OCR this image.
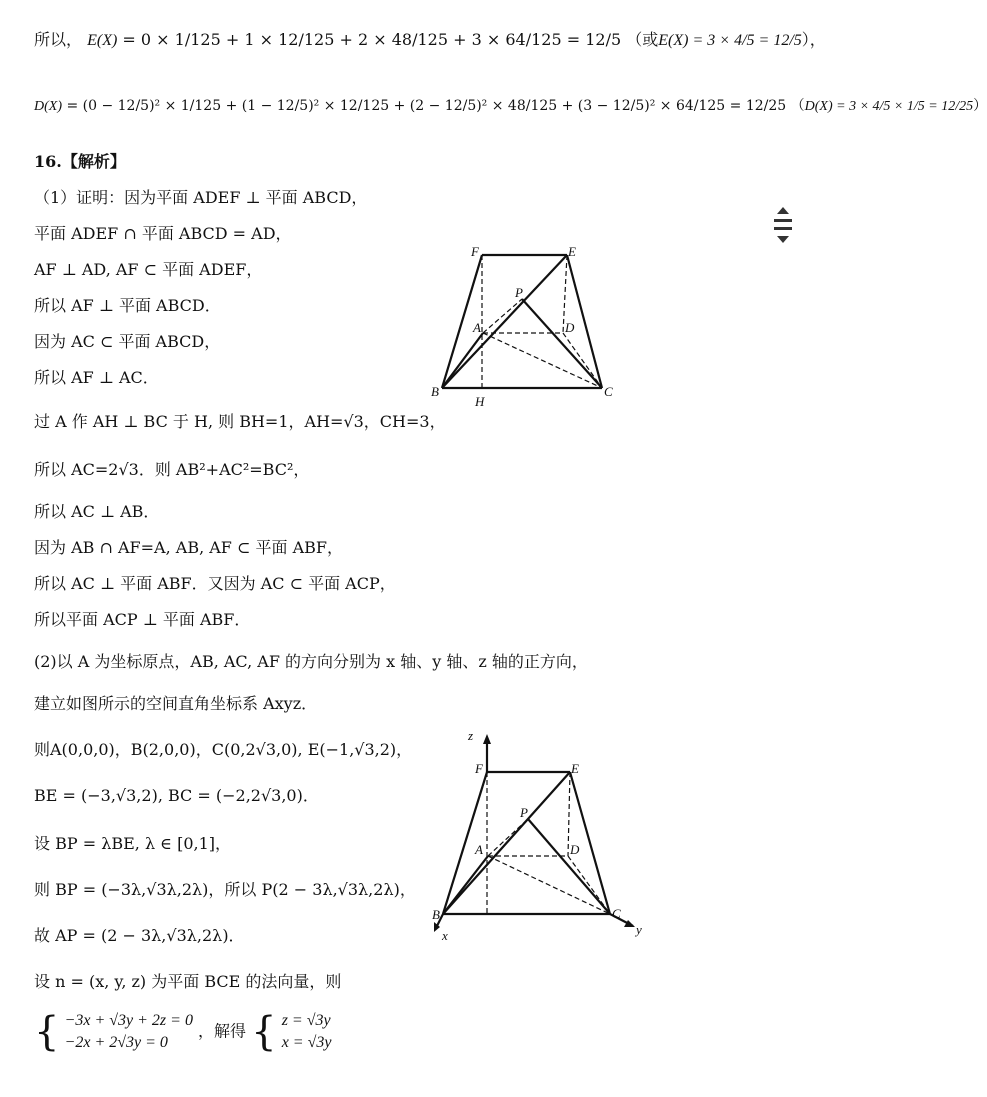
所以， E(X) = 0 × 1/125 + 1 × 12/125 + 2 × 48/125 + 3 × 64/125 = 12/5 （或E(X) = 3 × 4/5 = 12/5），
D(X) = (0 − 12/5)² × 1/125 + (1 − 12/5)² × 12/125 + (2 − 12/5)² × 48/125 + (3 − 12/5)² × 64/125 = 12/25 （D(X) = 3 × 4/5 × 1/5 = 12/25）
16.【解析】
（1）证明：因为平面 ADEF ⊥ 平面 ABCD，
平面 ADEF ∩ 平面 ABCD = AD，
AF ⊥ AD, AF ⊂ 平面 ADEF，
所以 AF ⊥ 平面 ABCD．
因为 AC ⊂ 平面 ABCD，
所以 AF ⊥ AC．
过 A 作 AH ⊥ BC 于 H, 则 BH=1，AH=√3，CH=3，
所以 AC=2√3．则 AB²+AC²=BC²，
所以 AC ⊥ AB．
因为 AB ∩ AF=A, AB, AF ⊂ 平面 ABF，
所以 AC ⊥ 平面 ABF．又因为 AC ⊂ 平面 ACP，
所以平面 ACP ⊥ 平面 ABF．
(2)以 A 为坐标原点，AB, AC, AF 的方向分别为 x 轴、y 轴、z 轴的正方向，
建立如图所示的空间直角坐标系 Axyz．
则A(0,0,0)，B(2,0,0)，C(0,2√3,0), E(−1,√3,2)，
BE = (−3,√3,2), BC = (−2,2√3,0)．
设 BP = λBE, λ ∈ [0,1]，
则 BP = (−3λ,√3λ,2λ)，所以 P(2 − 3λ,√3λ,2λ)，
故 AP = (2 − 3λ,√3λ,2λ)．
设 n = (x, y, z) 为平面 BCE 的法向量，则
{ −3x + √3y + 2z = 0
−2x + 2√3y = 0
，解得 { z = √3y
x = √3y
F	E
P
A	D
B
H
C
z
F	E
P
A	D
B	C
x	y
